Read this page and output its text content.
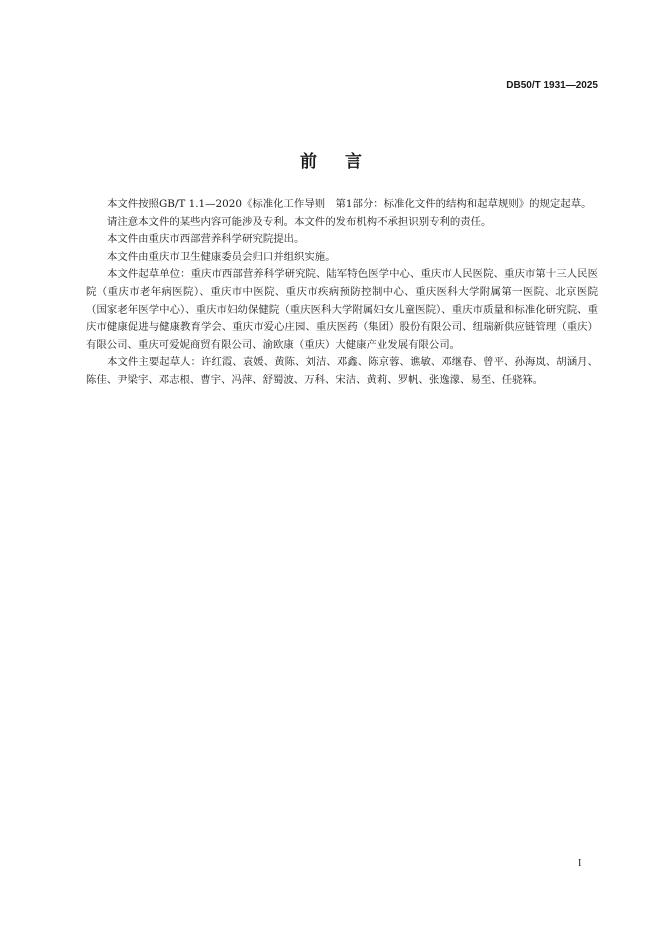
DB50/T 1931—2025
前言

本文件按照GB/T 1.1—2020《标准化工作导则　第1部分：标准化文件的结构和起草规则》的规定起草。

请注意本文件的某些内容可能涉及专利。本文件的发布机构不承担识别专利的责任。

本文件由重庆市西部营养科学研究院提出。

本文件由重庆市卫生健康委员会归口并组织实施。

本文件起草单位：重庆市西部营养科学研究院、陆军特色医学中心、重庆市人民医院、重庆市第十三人民医院（重庆市老年病医院）、重庆市中医院、重庆市疾病预防控制中心、重庆医科大学附属第一医院、北京医院（国家老年医学中心）、重庆市妇幼保健院（重庆医科大学附属妇女儿童医院）、重庆市质量和标准化研究院、重庆市健康促进与健康教育学会、重庆市爱心庄园、重庆医药（集团）股份有限公司、纽瑞新供应链管理（重庆）有限公司、重庆可爱妮商贸有限公司、渝欧康（重庆）大健康产业发展有限公司。

本文件主要起草人：许红霞、袁媛、黄陈、刘洁、邓鑫、陈京蓉、谯敏、邓继春、曾平、孙海岚、胡涵月、陈佳、尹梁宇、邓志根、曹宇、冯萍、舒蜀波、万科、宋洁、黄莉、罗帆、张逸濛、易至、任骁箖。

I
